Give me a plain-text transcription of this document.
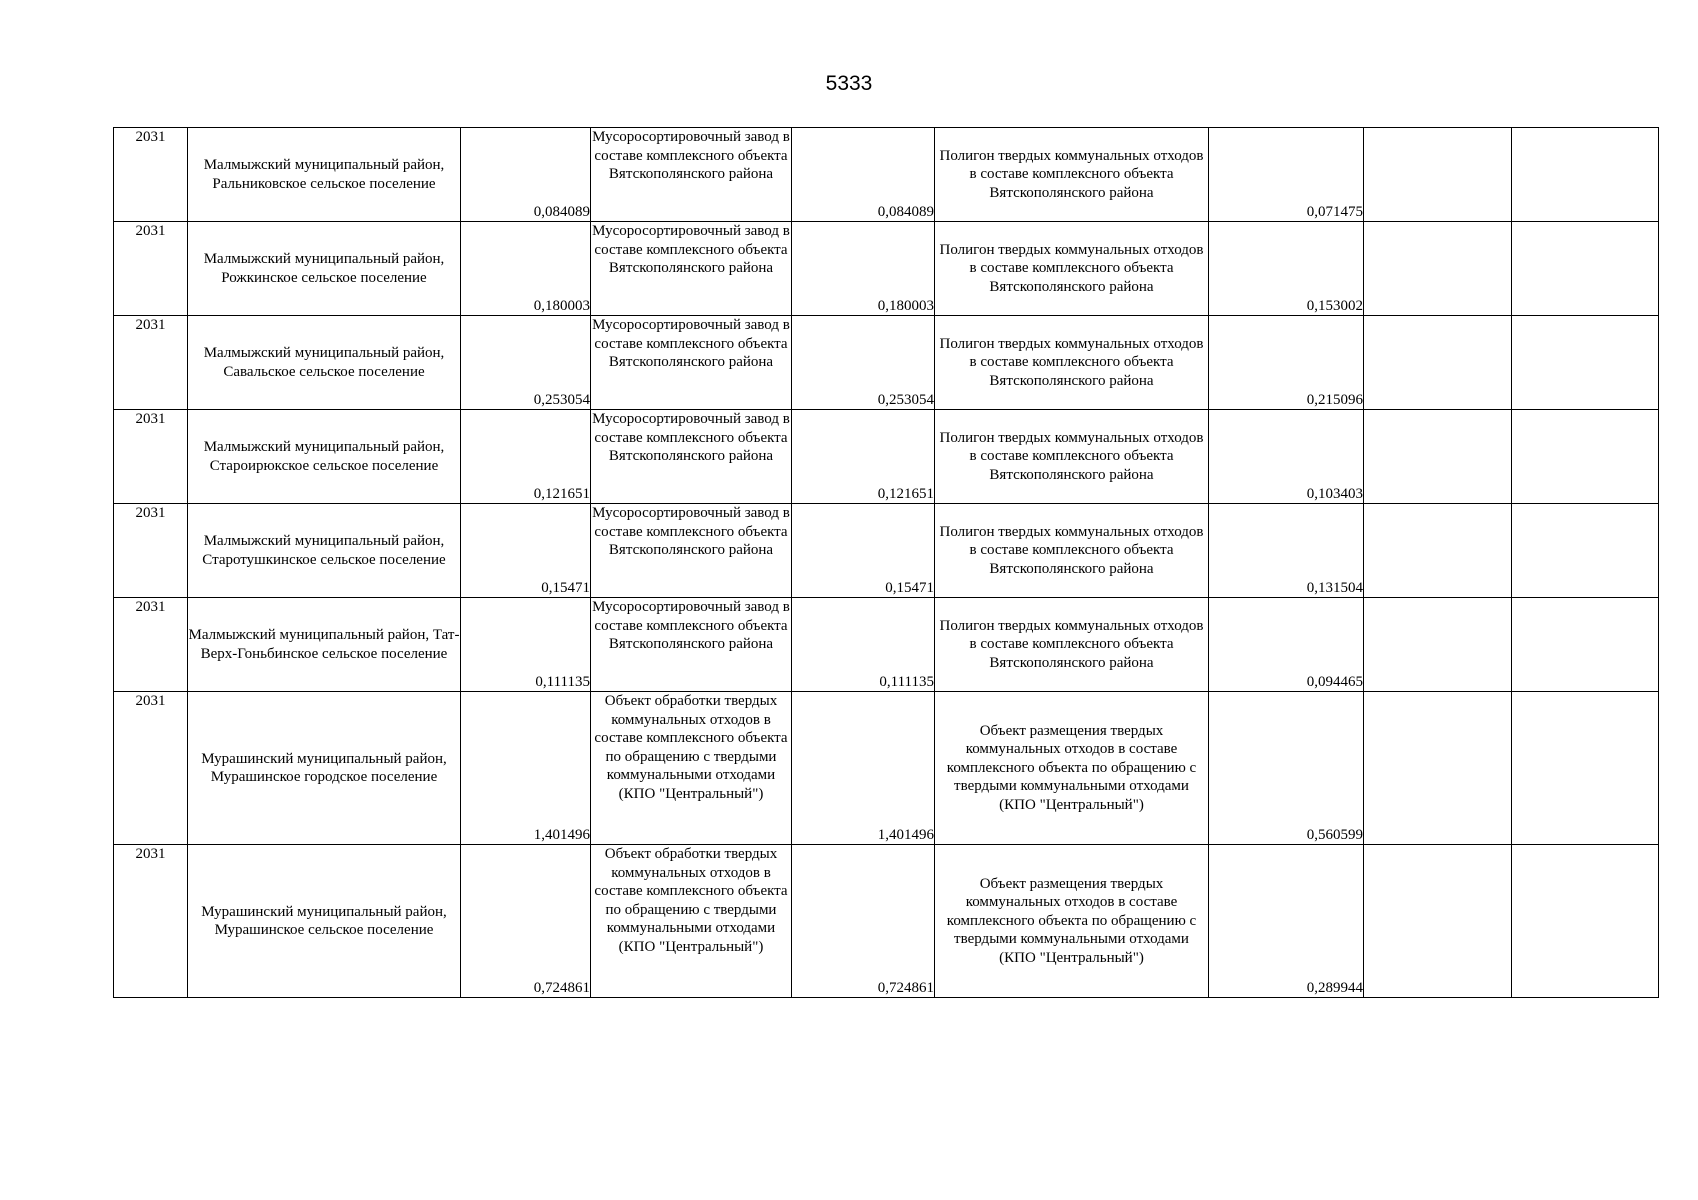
5333
2031	Малмыжский муниципальный район, Ральниковское сельское поселение	0,084089	Мусоросортировочный завод в составе комплексного объекта Вятскополянского района	0,084089	Полигон твердых коммунальных отходов в составе комплексного объекта Вятскополянского района	0,071475		
2031	Малмыжский муниципальный район, Рожкинское сельское поселение	0,180003	Мусоросортировочный завод в составе комплексного объекта Вятскополянского района	0,180003	Полигон твердых коммунальных отходов в составе комплексного объекта Вятскополянского района	0,153002		
2031	Малмыжский муниципальный район, Савальское сельское поселение	0,253054	Мусоросортировочный завод в составе комплексного объекта Вятскополянского района	0,253054	Полигон твердых коммунальных отходов в составе комплексного объекта Вятскополянского района	0,215096		
2031	Малмыжский муниципальный район, Староирюкское сельское поселение	0,121651	Мусоросортировочный завод в составе комплексного объекта Вятскополянского района	0,121651	Полигон твердых коммунальных отходов в составе комплексного объекта Вятскополянского района	0,103403		
2031	Малмыжский муниципальный район, Старотушкинское сельское поселение	0,15471	Мусоросортировочный завод в составе комплексного объекта Вятскополянского района	0,15471	Полигон твердых коммунальных отходов в составе комплексного объекта Вятскополянского района	0,131504		
2031	Малмыжский муниципальный район, Тат-Верх-Гоньбинское сельское поселение	0,111135	Мусоросортировочный завод в составе комплексного объекта Вятскополянского района	0,111135	Полигон твердых коммунальных отходов в составе комплексного объекта Вятскополянского района	0,094465		
2031	Мурашинский муниципальный район, Мурашинское городское поселение	1,401496	Объект обработки твердых коммунальных отходов в составе комплексного объекта по обращению с твердыми коммунальными отходами (КПО "Центральный")	1,401496	Объект размещения твердых коммунальных отходов в составе комплексного объекта по обращению с твердыми коммунальными отходами (КПО "Центральный")	0,560599		
2031	Мурашинский муниципальный район, Мурашинское сельское поселение	0,724861	Объект обработки твердых коммунальных отходов в составе комплексного объекта по обращению с твердыми коммунальными отходами (КПО "Центральный")	0,724861	Объект размещения твердых коммунальных отходов в составе комплексного объекта по обращению с твердыми коммунальными отходами (КПО "Центральный")	0,289944		
